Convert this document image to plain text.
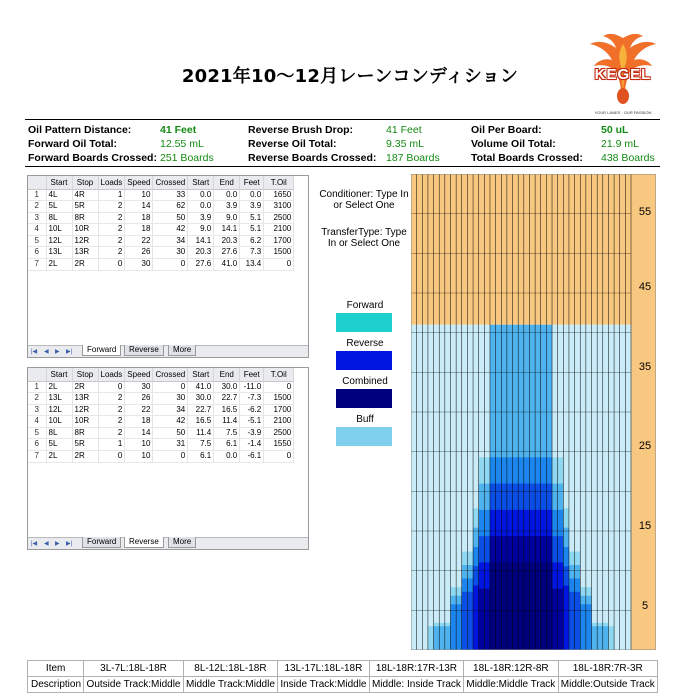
2021年10～12月レーンコンディション	KEGEL
YOUR LANES · OUR PASSION
Oil Pattern Distance:	41 Feet
Forward Oil Total:	12.55 mL
Forward Boards Crossed: 251 Boards
Reverse Brush Drop:	41 Feet
Reverse Oil Total:	9.35 mL
Reverse Boards Crossed: 187 Boards
Oil Per Board:	50 uL
Volume Oil Total:	21.9 mL
Total Boards Crossed: 438 Boards
	Start	Stop	Loads	Speed	Crossed	Start	End	Feet	T.Oil
1	4L	4R	1	10	33	0.0	0.0	0.0	1650
2	5L	5R	2	14	62	0.0	3.9	3.9	3100
3	8L	8R	2	18	50	3.9	9.0	5.1	2500
4	10L	10R	2	18	42	9.0	14.1	5.1	2100
5	12L	12R	2	22	34	14.1	20.3	6.2	1700
6	13L	13R	2	26	30	20.3	27.6	7.3	1500
7	2L	2R	0	30	0	27.6	41.0	13.4	0
|◀ ◀ ▶ ▶|	Forward	Reverse	More
	Start	Stop	Loads	Speed	Crossed	Start	End	Feet	T.Oil
1	2L	2R	0	30	0	41.0	30.0	-11.0	0
2	13L	13R	2	26	30	30.0	22.7	-7.3	1500
3	12L	12R	2	22	34	22.7	16.5	-6.2	1700
4	10L	10R	2	18	42	16.5	11.4	-5.1	2100
5	8L	8R	2	14	50	11.4	7.5	-3.9	2500
6	5L	5R	1	10	31	7.5	6.1	-1.4	1550
7	2L	2R	0	10	0	6.1	0.0	-6.1	0
|◀ ◀ ▶ ▶|	Forward	Reverse	More
Conditioner: Type In or Select One
TransferType: Type In or Select One
Forward
Reverse
Combined
Buff
55
45
35
25
15
5
Item	3L-7L:18L-18R	8L-12L:18L-18R	13L-17L:18L-18R	18L-18R:17R-13R	18L-18R:12R-8R	18L-18R:7R-3R
Description	Outside Track:Middle	Middle Track:Middle	Inside Track:Middle	Middle: Inside Track	Middle:Middle Track	Middle:Outside Track
